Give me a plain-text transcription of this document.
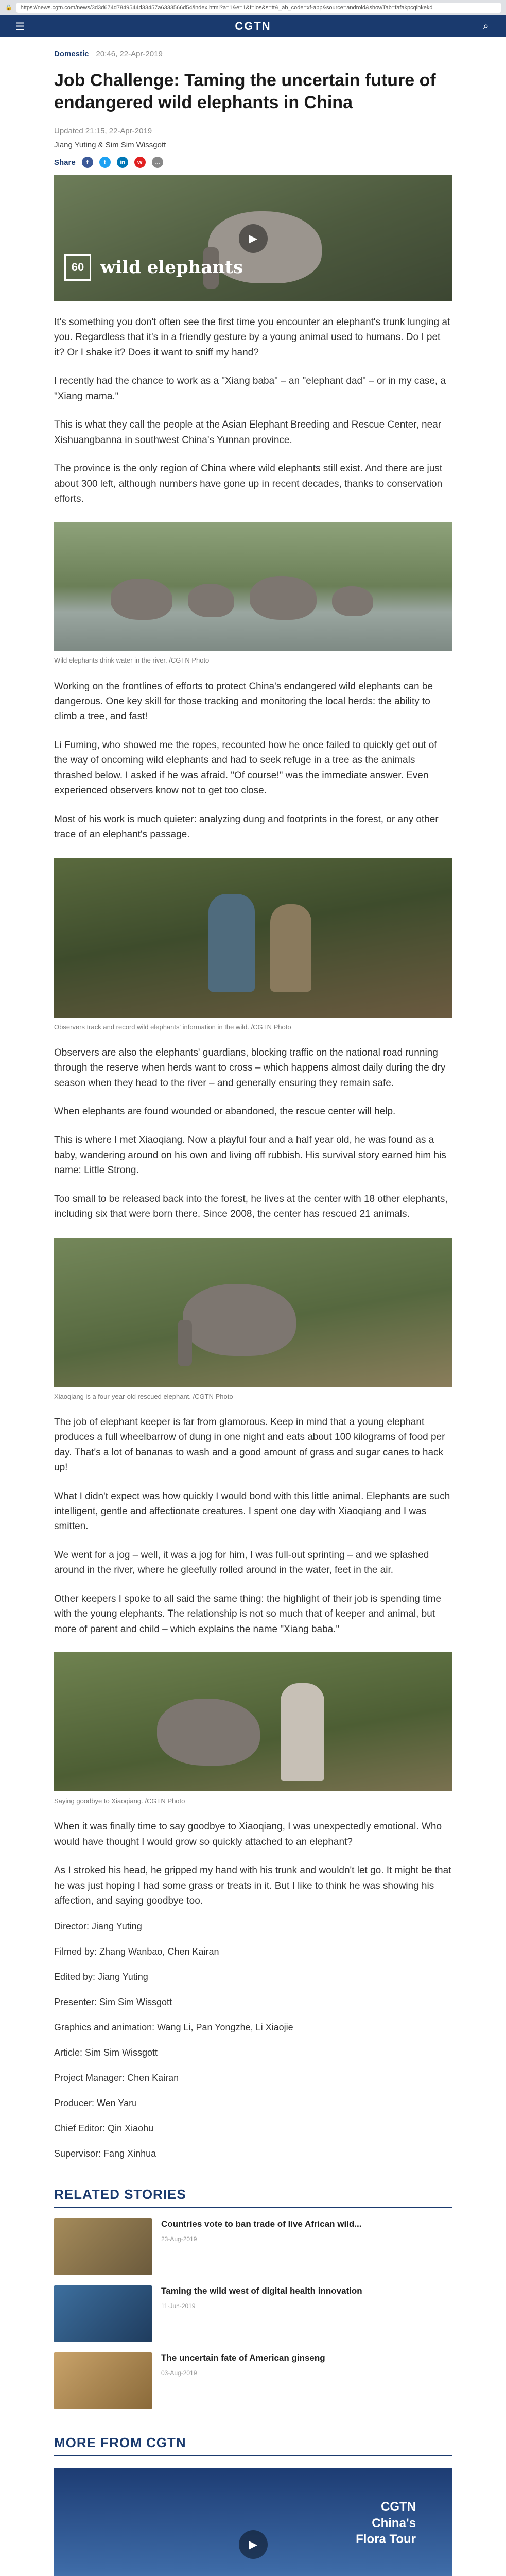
🔒	https://news.cgtn.com/news/3d3d674d7849544d33457a6333566d54/index.html?a=1&e=1&f=ios&s=tt&_ab_code=xf-app&source=android&showTab=fafakpcqlhkekd
☰	CGTN	⌕
Domestic 20:46, 22-Apr-2019
Job Challenge: Taming the uncertain future of endangered wild elephants in China
Updated 21:15, 22-Apr-2019
Jiang Yuting & Sim Sim Wissgott
Share	f	t	in	w	…
60 wild elephants
▶

It's something you don't often see the first time you encounter an elephant's trunk lunging at you. Regardless that it's in a friendly gesture by a young animal used to humans. Do I pet it? Or I shake it? Does it want to sniff my hand?

I recently had the chance to work as a "Xiang baba" – an "elephant dad" – or in my case, a "Xiang mama."

This is what they call the people at the Asian Elephant Breeding and Rescue Center, near Xishuangbanna in southwest China's Yunnan province.

The province is the only region of China where wild elephants still exist. And there are just about 300 left, although numbers have gone up in recent decades, thanks to conservation efforts.

Wild elephants drink water in the river. /CGTN Photo

Working on the frontlines of efforts to protect China's endangered wild elephants can be dangerous. One key skill for those tracking and monitoring the local herds: the ability to climb a tree, and fast!

Li Fuming, who showed me the ropes, recounted how he once failed to quickly get out of the way of oncoming wild elephants and had to seek refuge in a tree as the animals thrashed below. I asked if he was afraid. "Of course!" was the immediate answer. Even experienced observers know not to get too close.

Most of his work is much quieter: analyzing dung and footprints in the forest, or any other trace of an elephant's passage.

Observers track and record wild elephants' information in the wild. /CGTN Photo

Observers are also the elephants' guardians, blocking traffic on the national road running through the reserve when herds want to cross – which happens almost daily during the dry season when they head to the river – and generally ensuring they remain safe.

When elephants are found wounded or abandoned, the rescue center will help.

This is where I met Xiaoqiang. Now a playful four and a half year old, he was found as a baby, wandering around on his own and living off rubbish. His survival story earned him his name: Little Strong.

Too small to be released back into the forest, he lives at the center with 18 other elephants, including six that were born there. Since 2008, the center has rescued 21 animals.

Xiaoqiang is a four-year-old rescued elephant. /CGTN Photo

The job of elephant keeper is far from glamorous. Keep in mind that a young elephant produces a full wheelbarrow of dung in one night and eats about 100 kilograms of food per day. That's a lot of bananas to wash and a good amount of grass and sugar canes to hack up!

What I didn't expect was how quickly I would bond with this little animal. Elephants are such intelligent, gentle and affectionate creatures. I spent one day with Xiaoqiang and I was smitten.

We went for a jog – well, it was a jog for him, I was full-out sprinting – and we splashed around in the river, where he gleefully rolled around in the water, feet in the air.

Other keepers I spoke to all said the same thing: the highlight of their job is spending time with the young elephants. The relationship is not so much that of keeper and animal, but more of parent and child – which explains the name "Xiang baba."

Saying goodbye to Xiaoqiang. /CGTN Photo

When it was finally time to say goodbye to Xiaoqiang, I was unexpectedly emotional. Who would have thought I would grow so quickly attached to an elephant?

As I stroked his head, he gripped my hand with his trunk and wouldn't let go. It might be that he was just hoping I had some grass or treats in it. But I like to think he was showing his affection, and saying goodbye too.

Director: Jiang Yuting

Filmed by: Zhang Wanbao, Chen Kairan

Edited by: Jiang Yuting

Presenter: Sim Sim Wissgott

Graphics and animation: Wang Li, Pan Yongzhe, Li Xiaojie

Article: Sim Sim Wissgott

Project Manager: Chen Kairan

Producer: Wen Yaru

Chief Editor: Qin Xiaohu

Supervisor: Fang Xinhua

RELATED STORIES
Countries vote to ban trade of live African wild...
23-Aug-2019
Taming the wild west of digital health innovation
11-Jun-2019
The uncertain fate of American ginseng
03-Aug-2019
MORE FROM CGTN
CGTN
China's
Flora Tour
▶
